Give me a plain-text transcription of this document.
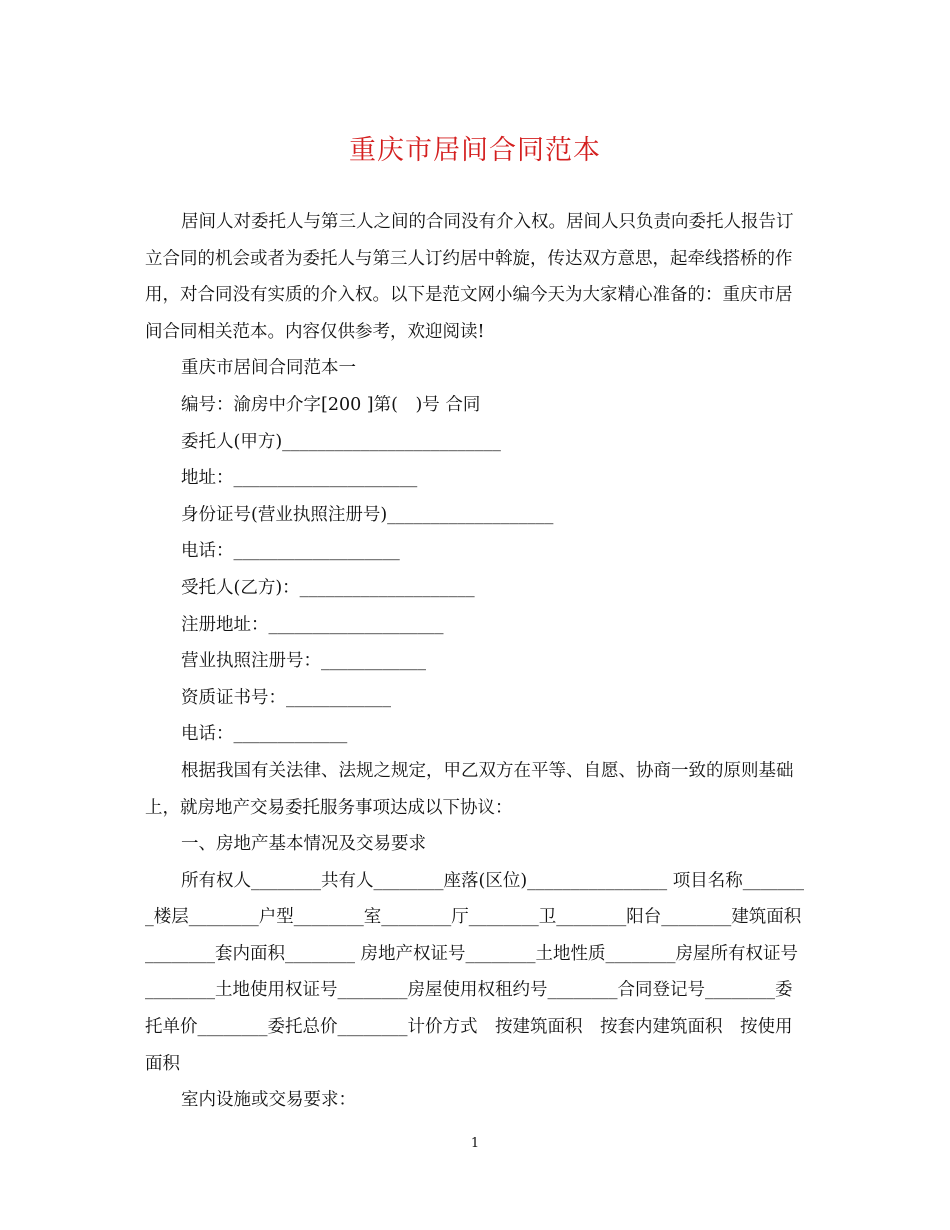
重庆市居间合同范本

居间人对委托人与第三人之间的合同没有介入权。居间人只负责向委托人报告订立合同的机会或者为委托人与第三人订约居中斡旋，传达双方意思，起牵线搭桥的作用，对合同没有实质的介入权。以下是范文网小编今天为大家精心准备的：重庆市居间合同相关范本。内容仅供参考，欢迎阅读!

重庆市居间合同范本一

编号：渝房中介字[200 ]第(　)号 合同

委托人(甲方)_________________________

地址：_____________________

身份证号(营业执照注册号)___________________

电话：___________________

受托人(乙方)：____________________

注册地址：____________________

营业执照注册号：____________

资质证书号：____________

电话：_____________

根据我国有关法律、法规之规定，甲乙双方在平等、自愿、协商一致的原则基础上，就房地产交易委托服务事项达成以下协议：

一、房地产基本情况及交易要求

所有权人________共有人________座落(区位)________________ 项目名称________楼层________户型________室________厅________卫________阳台________建筑面积________套内面积________ 房地产权证号________土地性质________房屋所有权证号________土地使用权证号________房屋使用权租约号________合同登记号________委托单价________委托总价________计价方式　按建筑面积　按套内建筑面积　按使用面积

室内设施或交易要求：

1
